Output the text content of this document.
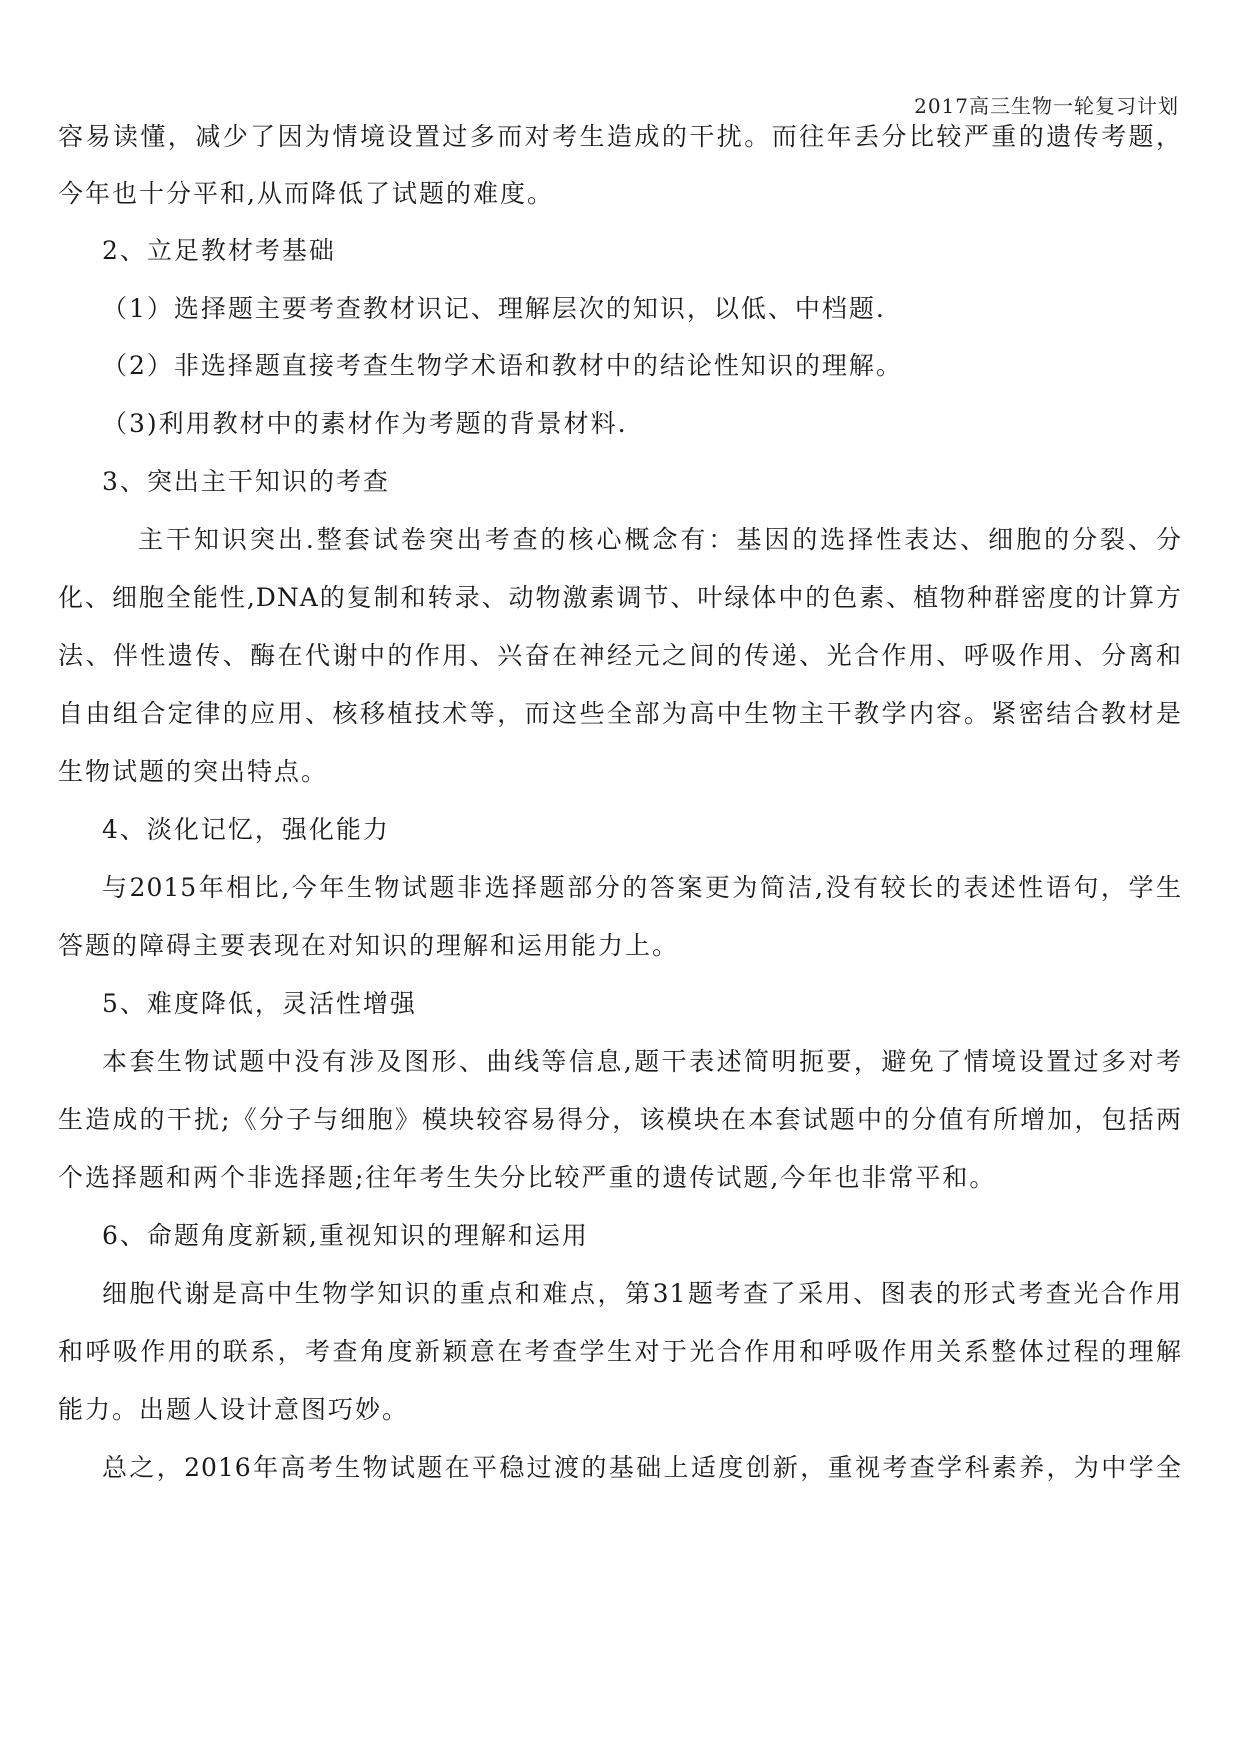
2017高三生物一轮复习计划
容易读懂，减少了因为情境设置过多而对考生造成的干扰。而往年丢分比较严重的遗传考题，
今年也十分平和,从而降低了试题的难度。
2、立足教材考基础
（1）选择题主要考查教材识记、理解层次的知识，以低、中档题.
（2）非选择题直接考查生物学术语和教材中的结论性知识的理解。
（3)利用教材中的素材作为考题的背景材料.
3、突出主干知识的考查
主干知识突出.整套试卷突出考查的核心概念有：基因的选择性表达、细胞的分裂、分
化、细胞全能性,DNA的复制和转录、动物激素调节、叶绿体中的色素、植物种群密度的计算方
法、伴性遗传、酶在代谢中的作用、兴奋在神经元之间的传递、光合作用、呼吸作用、分离和
自由组合定律的应用、核移植技术等，而这些全部为高中生物主干教学内容。紧密结合教材是
生物试题的突出特点。
4、淡化记忆，强化能力
与2015年相比,今年生物试题非选择题部分的答案更为简洁,没有较长的表述性语句，学生
答题的障碍主要表现在对知识的理解和运用能力上。
5、难度降低，灵活性增强
本套生物试题中没有涉及图形、曲线等信息,题干表述简明扼要，避免了情境设置过多对考
生造成的干扰;《分子与细胞》模块较容易得分，该模块在本套试题中的分值有所增加，包括两
个选择题和两个非选择题;往年考生失分比较严重的遗传试题,今年也非常平和。
6、命题角度新颖,重视知识的理解和运用
细胞代谢是高中生物学知识的重点和难点，第31题考查了采用、图表的形式考查光合作用
和呼吸作用的联系，考查角度新颖意在考查学生对于光合作用和呼吸作用关系整体过程的理解
能力。出题人设计意图巧妙。
总之，2016年高考生物试题在平稳过渡的基础上适度创新，重视考查学科素养，为中学全
